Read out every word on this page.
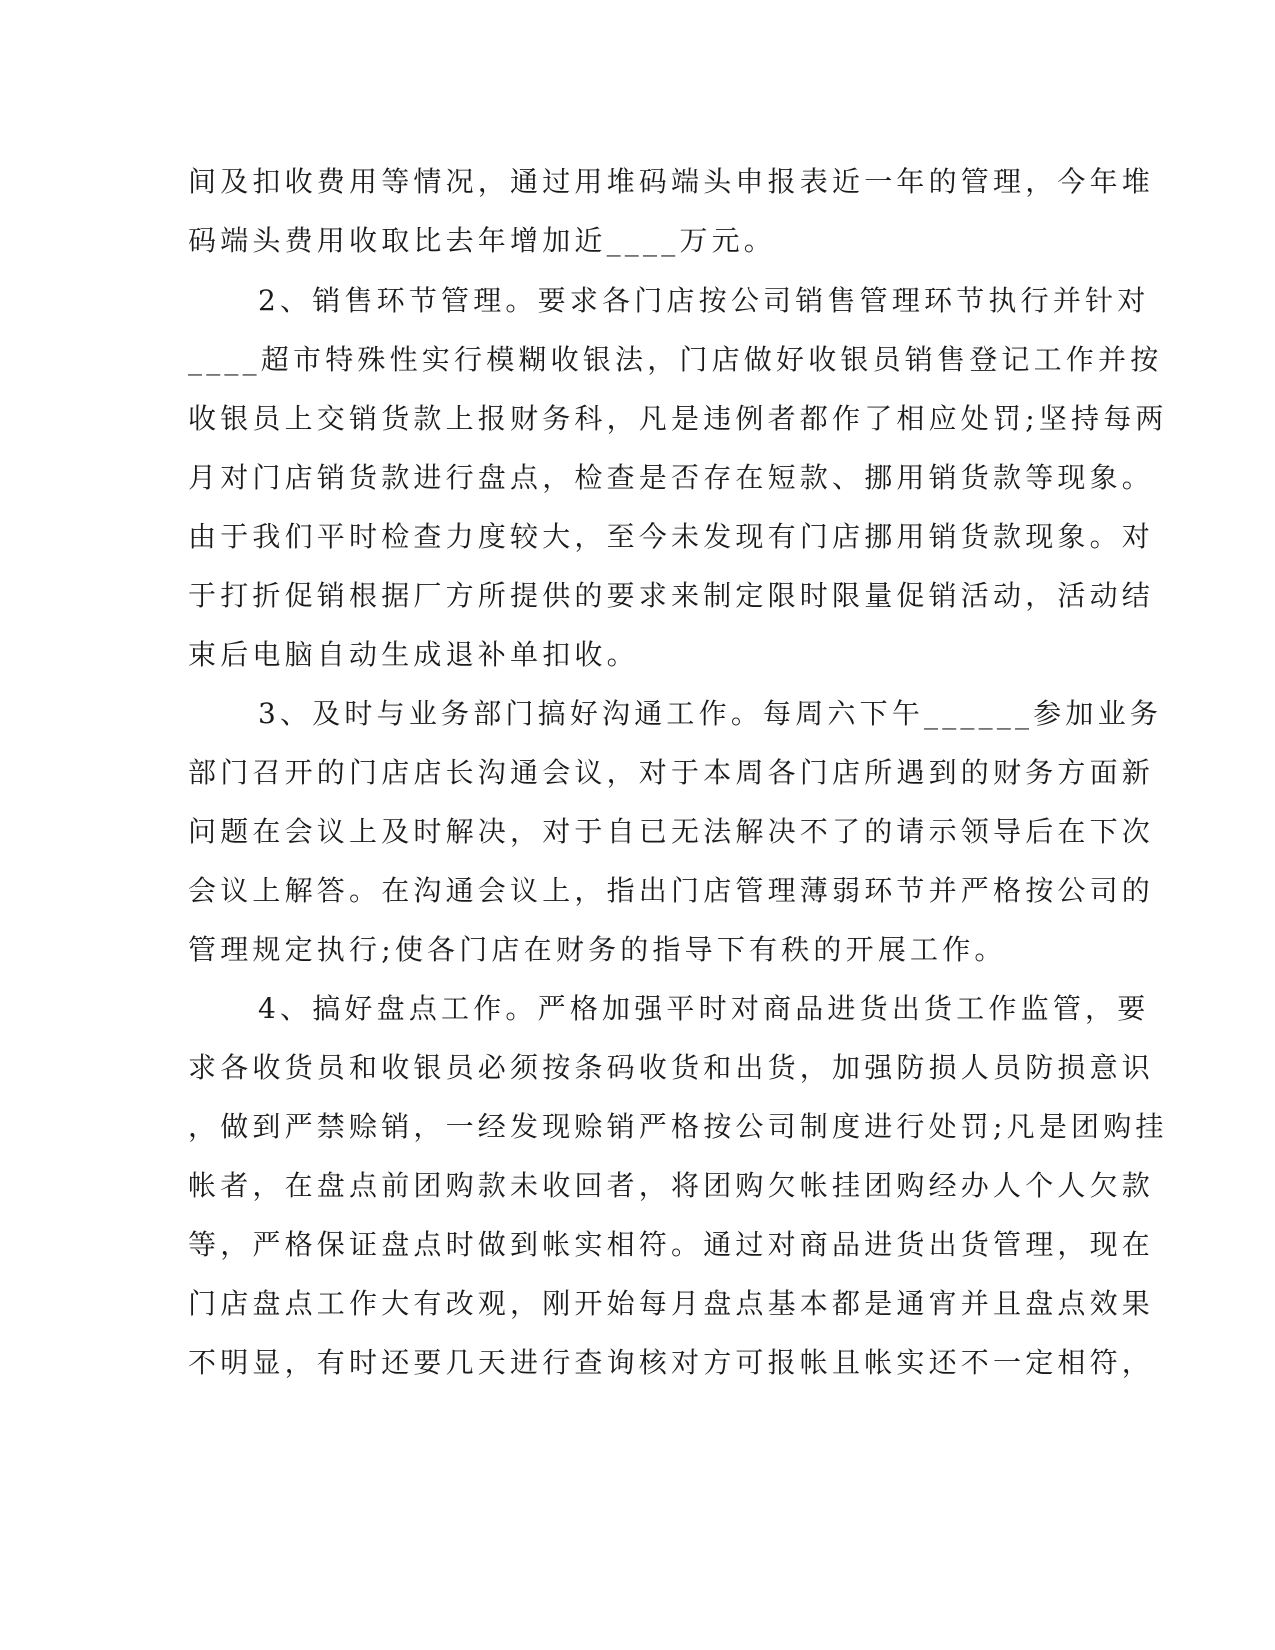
间及扣收费用等情况，通过用堆码端头申报表近一年的管理，今年堆
码端头费用收取比去年增加近____万元。
2、销售环节管理。要求各门店按公司销售管理环节执行并针对
____超市特殊性实行模糊收银法，门店做好收银员销售登记工作并按
收银员上交销货款上报财务科，凡是违例者都作了相应处罚;坚持每两
月对门店销货款进行盘点，检查是否存在短款、挪用销货款等现象。
由于我们平时检查力度较大，至今未发现有门店挪用销货款现象。对
于打折促销根据厂方所提供的要求来制定限时限量促销活动，活动结
束后电脑自动生成退补单扣收。
3、及时与业务部门搞好沟通工作。每周六下午______参加业务
部门召开的门店店长沟通会议，对于本周各门店所遇到的财务方面新
问题在会议上及时解决，对于自已无法解决不了的请示领导后在下次
会议上解答。在沟通会议上，指出门店管理薄弱环节并严格按公司的
管理规定执行;使各门店在财务的指导下有秩的开展工作。
4、搞好盘点工作。严格加强平时对商品进货出货工作监管，要
求各收货员和收银员必须按条码收货和出货，加强防损人员防损意识
，做到严禁赊销，一经发现赊销严格按公司制度进行处罚;凡是团购挂
帐者，在盘点前团购款未收回者，将团购欠帐挂团购经办人个人欠款
等，严格保证盘点时做到帐实相符。通过对商品进货出货管理，现在
门店盘点工作大有改观，刚开始每月盘点基本都是通宵并且盘点效果
不明显，有时还要几天进行查询核对方可报帐且帐实还不一定相符，
